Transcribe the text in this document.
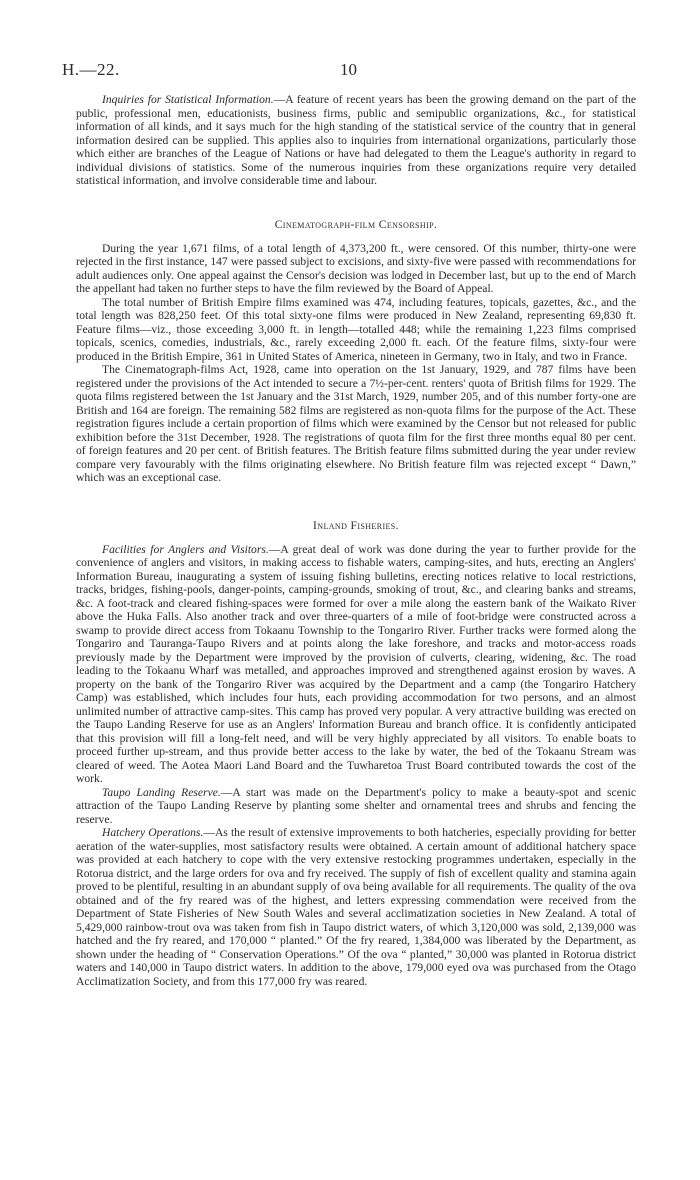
H.—22.	10

Inquiries for Statistical Information.—A feature of recent years has been the growing demand on the part of the public, professional men, educationists, business firms, public and semipublic organizations, &c., for statistical information of all kinds, and it says much for the high standing of the statistical service of the country that in general information desired can be supplied. This applies also to inquiries from international organizations, particularly those which either are branches of the League of Nations or have had delegated to them the League's authority in regard to individual divisions of statistics. Some of the numerous inquiries from these organizations require very detailed statistical information, and involve considerable time and labour.

Cinematograph-film Censorship.

During the year 1,671 films, of a total length of 4,373,200 ft., were censored. Of this number, thirty-one were rejected in the first instance, 147 were passed subject to excisions, and sixty-five were passed with recommendations for adult audiences only. One appeal against the Censor's decision was lodged in December last, but up to the end of March the appellant had taken no further steps to have the film reviewed by the Board of Appeal.

The total number of British Empire films examined was 474, including features, topicals, gazettes, &c., and the total length was 828,250 feet. Of this total sixty-one films were produced in New Zealand, representing 69,830 ft. Feature films—viz., those exceeding 3,000 ft. in length—totalled 448; while the remaining 1,223 films comprised topicals, scenics, comedies, industrials, &c., rarely exceeding 2,000 ft. each. Of the feature films, sixty-four were produced in the British Empire, 361 in United States of America, nineteen in Germany, two in Italy, and two in France.

The Cinematograph-films Act, 1928, came into operation on the 1st January, 1929, and 787 films have been registered under the provisions of the Act intended to secure a 7½-per-cent. renters' quota of British films for 1929. The quota films registered between the 1st January and the 31st March, 1929, number 205, and of this number forty-one are British and 164 are foreign. The remaining 582 films are registered as non-quota films for the purpose of the Act. These registration figures include a certain proportion of films which were examined by the Censor but not released for public exhibition before the 31st December, 1928. The registrations of quota film for the first three months equal 80 per cent. of foreign features and 20 per cent. of British features. The British feature films submitted during the year under review compare very favourably with the films originating elsewhere. No British feature film was rejected except “ Dawn,” which was an exceptional case.

Inland Fisheries.

Facilities for Anglers and Visitors.—A great deal of work was done during the year to further provide for the convenience of anglers and visitors, in making access to fishable waters, camping-sites, and huts, erecting an Anglers' Information Bureau, inaugurating a system of issuing fishing bulletins, erecting notices relative to local restrictions, tracks, bridges, fishing-pools, danger-points, camping-grounds, smoking of trout, &c., and clearing banks and streams, &c. A foot-track and cleared fishing-spaces were formed for over a mile along the eastern bank of the Waikato River above the Huka Falls. Also another track and over three-quarters of a mile of foot-bridge were constructed across a swamp to provide direct access from Tokaanu Township to the Tongariro River. Further tracks were formed along the Tongariro and Tauranga-Taupo Rivers and at points along the lake foreshore, and tracks and motor-access roads previously made by the Department were improved by the provision of culverts, clearing, widening, &c. The road leading to the Tokaanu Wharf was metalled, and approaches improved and strengthened against erosion by waves. A property on the bank of the Tongariro River was acquired by the Department and a camp (the Tongariro Hatchery Camp) was established, which includes four huts, each providing accommodation for two persons, and an almost unlimited number of attractive camp-sites. This camp has proved very popular. A very attractive building was erected on the Taupo Landing Reserve for use as an Anglers' Information Bureau and branch office. It is confidently anticipated that this provision will fill a long-felt need, and will be very highly appreciated by all visitors. To enable boats to proceed further up-stream, and thus provide better access to the lake by water, the bed of the Tokaanu Stream was cleared of weed. The Aotea Maori Land Board and the Tuwharetoa Trust Board contributed towards the cost of the work.

Taupo Landing Reserve.—A start was made on the Department's policy to make a beauty-spot and scenic attraction of the Taupo Landing Reserve by planting some shelter and ornamental trees and shrubs and fencing the reserve.

Hatchery Operations.—As the result of extensive improvements to both hatcheries, especially providing for better aeration of the water-supplies, most satisfactory results were obtained. A certain amount of additional hatchery space was provided at each hatchery to cope with the very extensive restocking programmes undertaken, especially in the Rotorua district, and the large orders for ova and fry received. The supply of fish of excellent quality and stamina again proved to be plentiful, resulting in an abundant supply of ova being available for all requirements. The quality of the ova obtained and of the fry reared was of the highest, and letters expressing commendation were received from the Department of State Fisheries of New South Wales and several acclimatization societies in New Zealand. A total of 5,429,000 rainbow-trout ova was taken from fish in Taupo district waters, of which 3,120,000 was sold, 2,139,000 was hatched and the fry reared, and 170,000 “ planted.” Of the fry reared, 1,384,000 was liberated by the Department, as shown under the heading of “ Conservation Operations.” Of the ova “ planted,” 30,000 was planted in Rotorua district waters and 140,000 in Taupo district waters. In addition to the above, 179,000 eyed ova was purchased from the Otago Acclimatization Society, and from this 177,000 fry was reared.
